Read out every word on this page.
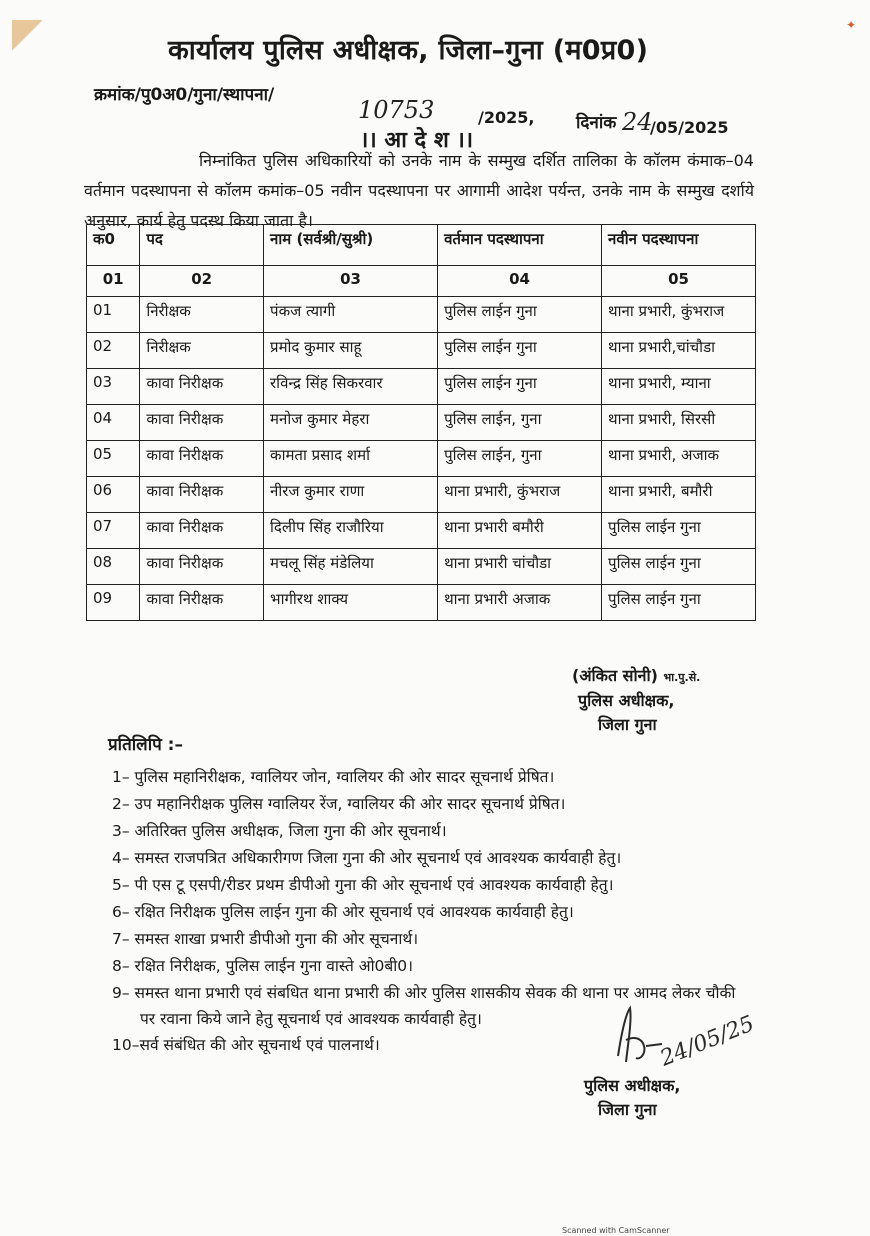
✦
कार्यालय पुलिस अधीक्षक, जिला–गुना (म0प्र0)
क्रमांक/पु0अ0/गुना/स्थापना/
10753	/2025, दिनांक 24
/05/2025
।। आ दे श ।।
निम्नांकित पुलिस अधिकारियों को उनके नाम के सम्मुख दर्शित तालिका के कॉलम कंमाक–04 वर्तमान पदस्थापना से कॉलम कमांक–05 नवीन पदस्थापना पर आगामी आदेश पर्यन्त, उनके नाम के सम्मुख दर्शाये अनुसार, कार्य हेतु पदस्थ किया जाता है।
क0	पद	नाम (सर्वश्री/सुश्री)	वर्तमान पदस्थापना	नवीन पदस्थापना
01	02	03	04	05
01	निरीक्षक	पंकज त्यागी	पुलिस लाईन गुना	थाना प्रभारी, कुंभराज
02	निरीक्षक	प्रमोद कुमार साहू	पुलिस लाईन गुना	थाना प्रभारी,चांचौडा
03	कावा निरीक्षक	रविन्द्र सिंह सिकरवार	पुलिस लाईन गुना	थाना प्रभारी, म्याना
04	कावा निरीक्षक	मनोज कुमार मेहरा	पुलिस लाईन, गुना	थाना प्रभारी, सिरसी
05	कावा निरीक्षक	कामता प्रसाद शर्मा	पुलिस लाईन, गुना	थाना प्रभारी, अजाक
06	कावा निरीक्षक	नीरज कुमार राणा	थाना प्रभारी, कुंभराज	थाना प्रभारी, बमौरी
07	कावा निरीक्षक	दिलीप सिंह राजौरिया	थाना प्रभारी बमौरी	पुलिस लाईन गुना
08	कावा निरीक्षक	मचलू सिंह मंडेलिया	थाना प्रभारी चांचौडा	पुलिस लाईन गुना
09	कावा निरीक्षक	भागीरथ शाक्य	थाना प्रभारी अजाक	पुलिस लाईन गुना
(अंकित सोनी) भा.पु.से.
पुलिस अधीक्षक,
जिला गुना
प्रतिलिपि :–
1– पुलिस महानिरीक्षक, ग्वालियर जोन, ग्वालियर की ओर सादर सूचनार्थ प्रेषित।
2– उप महानिरीक्षक पुलिस ग्वालियर रेंज, ग्वालियर की ओर सादर सूचनार्थ प्रेषित।
3– अतिरिक्त पुलिस अधीक्षक, जिला गुना की ओर सूचनार्थ।
4– समस्त राजपत्रित अधिकारीगण जिला गुना की ओर सूचनार्थ एवं आवश्यक कार्यवाही हेतु।
5– पी एस टू एसपी/रीडर प्रथम डीपीओ गुना की ओर सूचनार्थ एवं आवश्यक कार्यवाही हेतु।
6– रक्षित निरीक्षक पुलिस लाईन गुना की ओर सूचनार्थ एवं आवश्यक कार्यवाही हेतु।
7– समस्त शाखा प्रभारी डीपीओ गुना की ओर सूचनार्थ।
8– रक्षित निरीक्षक, पुलिस लाईन गुना वास्ते ओ0बी0।
9– समस्त थाना प्रभारी एवं संबधित थाना प्रभारी की ओर पुलिस शासकीय सेवक की थाना पर आमद लेकर चौकी पर रवाना किये जाने हेतु सूचनार्थ एवं आवश्यक कार्यवाही हेतु।
10–सर्व संबंधित की ओर सूचनार्थ एवं पालनार्थ।	24/05/25
पुलिस अधीक्षक,
जिला गुना
Scanned with CamScanner
